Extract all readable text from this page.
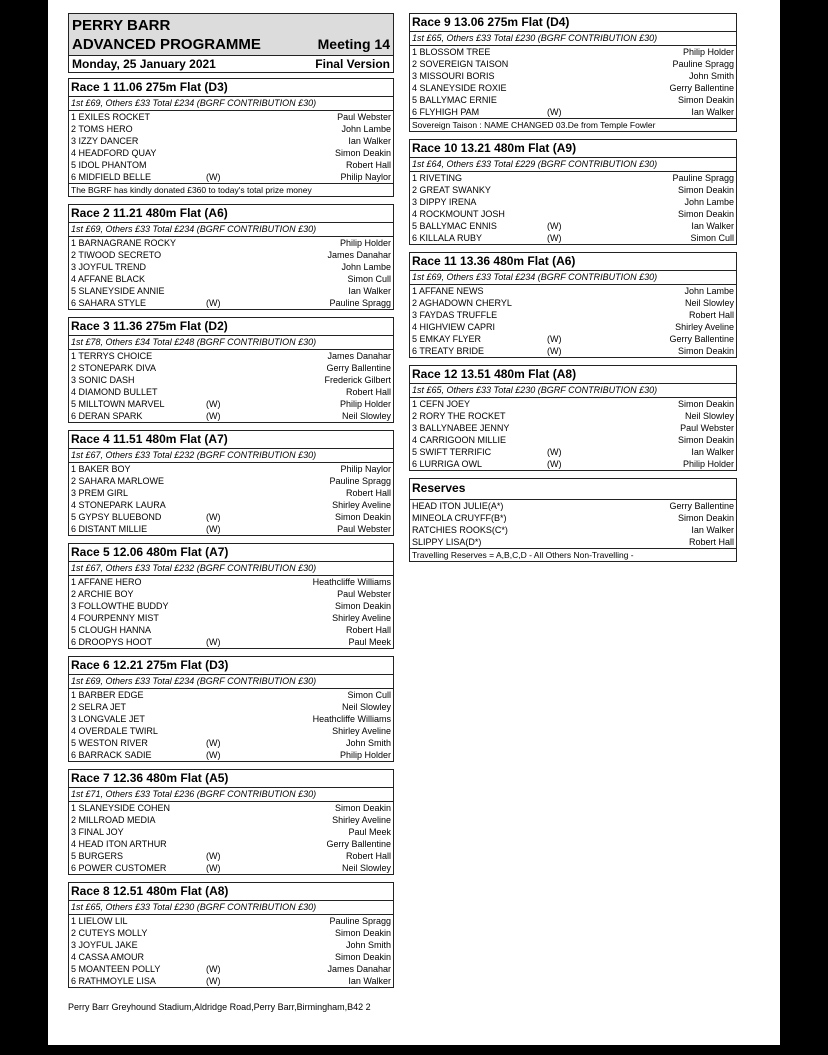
PERRY BARR
ADVANCED PROGRAMME	Meeting 14
Monday, 25 January 2021	Final Version
Race 1 11.06 275m Flat (D3)
1st £69, Others £33 Total £234 (BGRF CONTRIBUTION £30)
1 EXILES ROCKET	Paul Webster
2 TOMS HERO	John Lambe
3 IZZY DANCER	Ian Walker
4 HEADFORD QUAY	Simon Deakin
5 IDOL PHANTOM	Robert Hall
6 MIDFIELD BELLE	(W)	Philip Naylor
The BGRF has kindly donated £360 to today's total prize money
Race 2 11.21 480m Flat (A6)
1st £69, Others £33 Total £234 (BGRF CONTRIBUTION £30)
1 BARNAGRANE ROCKY	Philip Holder
2 TIWOOD SECRETO	James Danahar
3 JOYFUL TREND	John Lambe
4 AFFANE BLACK	Simon Cull
5 SLANEYSIDE ANNIE	Ian Walker
6 SAHARA STYLE	(W)	Pauline Spragg
Race 3 11.36 275m Flat (D2)
1st £78, Others £34 Total £248 (BGRF CONTRIBUTION £30)
1 TERRYS CHOICE	James Danahar
2 STONEPARK DIVA	Gerry Ballentine
3 SONIC DASH	Frederick Gilbert
4 DIAMOND BULLET	Robert Hall
5 MILLTOWN MARVEL	(W)	Philip Holder
6 DERAN SPARK	(W)	Neil Slowley
Race 4 11.51 480m Flat (A7)
1st £67, Others £33 Total £232 (BGRF CONTRIBUTION £30)
1 BAKER BOY	Philip Naylor
2 SAHARA MARLOWE	Pauline Spragg
3 PREM GIRL	Robert Hall
4 STONEPARK LAURA	Shirley Aveline
5 GYPSY BLUEBOND	(W)	Simon Deakin
6 DISTANT MILLIE	(W)	Paul Webster
Race 5 12.06 480m Flat (A7)
1st £67, Others £33 Total £232 (BGRF CONTRIBUTION £30)
1 AFFANE HERO	Heathcliffe Williams
2 ARCHIE BOY	Paul Webster
3 FOLLOWTHE BUDDY	Simon Deakin
4 FOURPENNY MIST	Shirley Aveline
5 CLOUGH HANNA	Robert Hall
6 DROOPYS HOOT	(W)	Paul Meek
Race 6 12.21 275m Flat (D3)
1st £69, Others £33 Total £234 (BGRF CONTRIBUTION £30)
1 BARBER EDGE	Simon Cull
2 SELRA JET	Neil Slowley
3 LONGVALE JET	Heathcliffe Williams
4 OVERDALE TWIRL	Shirley Aveline
5 WESTON RIVER	(W)	John Smith
6 BARRACK SADIE	(W)	Philip Holder
Race 7 12.36 480m Flat (A5)
1st £71, Others £33 Total £236 (BGRF CONTRIBUTION £30)
1 SLANEYSIDE COHEN	Simon Deakin
2 MILLROAD MEDIA	Shirley Aveline
3 FINAL JOY	Paul Meek
4 HEAD ITON ARTHUR	Gerry Ballentine
5 BURGERS	(W)	Robert Hall
6 POWER CUSTOMER	(W)	Neil Slowley
Race 8 12.51 480m Flat (A8)
1st £65, Others £33 Total £230 (BGRF CONTRIBUTION £30)
1 LIELOW LIL	Pauline Spragg
2 CUTEYS MOLLY	Simon Deakin
3 JOYFUL JAKE	John Smith
4 CASSA AMOUR	Simon Deakin
5 MOANTEEN POLLY	(W)	James Danahar
6 RATHMOYLE LISA	(W)	Ian Walker
Race 9 13.06 275m Flat (D4)
1st £65, Others £33 Total £230 (BGRF CONTRIBUTION £30)
1 BLOSSOM TREE	Philip Holder
2 SOVEREIGN TAISON	Pauline Spragg
3 MISSOURI BORIS	John Smith
4 SLANEYSIDE ROXIE	Gerry Ballentine
5 BALLYMAC ERNIE	Simon Deakin
6 FLYHIGH PAM	(W)	Ian Walker
Sovereign Taison : NAME CHANGED 03.De from Temple Fowler
Race 10 13.21 480m Flat (A9)
1st £64, Others £33 Total £229 (BGRF CONTRIBUTION £30)
1 RIVETING	Pauline Spragg
2 GREAT SWANKY	Simon Deakin
3 DIPPY IRENA	John Lambe
4 ROCKMOUNT JOSH	Simon Deakin
5 BALLYMAC ENNIS	(W)	Ian Walker
6 KILLALA RUBY	(W)	Simon Cull
Race 11 13.36 480m Flat (A6)
1st £69, Others £33 Total £234 (BGRF CONTRIBUTION £30)
1 AFFANE NEWS	John Lambe
2 AGHADOWN CHERYL	Neil Slowley
3 FAYDAS TRUFFLE	Robert Hall
4 HIGHVIEW CAPRI	Shirley Aveline
5 EMKAY FLYER	(W)	Gerry Ballentine
6 TREATY BRIDE	(W)	Simon Deakin
Race 12 13.51 480m Flat (A8)
1st £65, Others £33 Total £230 (BGRF CONTRIBUTION £30)
1 CEFN JOEY	Simon Deakin
2 RORY THE ROCKET	Neil Slowley
3 BALLYNABEE JENNY	Paul Webster
4 CARRIGOON MILLIE	Simon Deakin
5 SWIFT TERRIFIC	(W)	Ian Walker
6 LURRIGA OWL	(W)	Philip Holder
Reserves
HEAD ITON JULIE(A*)	Gerry Ballentine
MINEOLA CRUYFF(B*)	Simon Deakin
RATCHIES ROOKS(C*)	Ian Walker
SLIPPY LISA(D*)	Robert Hall
Travelling Reserves = A,B,C,D - All Others Non-Travelling -
Perry Barr Greyhound Stadium,Aldridge Road,Perry Barr,Birmingham,B42 2
